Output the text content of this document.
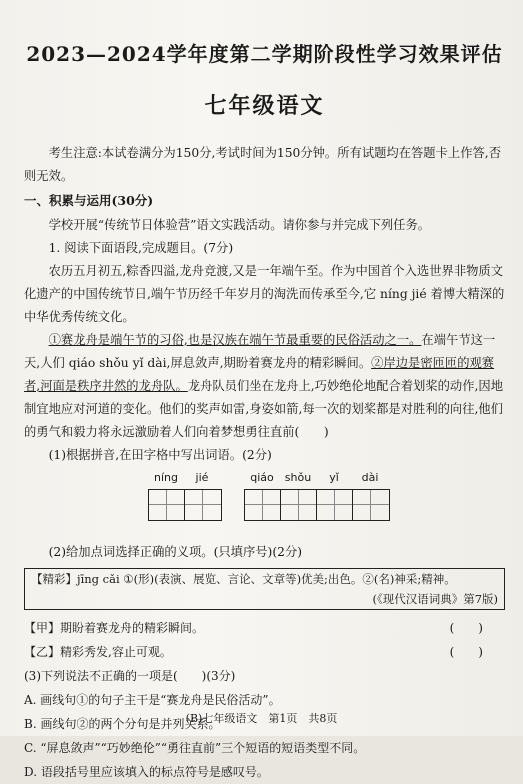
2023—2024学年度第二学期阶段性学习效果评估
七年级语文

考生注意:本试卷满分为150分,考试时间为150分钟。所有试题均在答题卡上作答,否则无效。

一、积累与运用(30分)

学校开展“传统节日体验营”语文实践活动。请你参与并完成下列任务。

1. 阅读下面语段,完成题目。(7分)

农历五月初五,粽香四溢,龙舟竞渡,又是一年端午至。作为中国首个入选世界非物质文化遗产的中国传统节日,端午节历经千年岁月的淘洗而传承至今,它 níng jié 着博大精深的中华优秀传统文化。

①赛龙舟是端午节的习俗,也是汉族在端午节最重要的民俗活动之一。在端午节这一天,人们 qiáo shǒu yǐ dài,屏息敛声,期盼着赛龙舟的精彩瞬间。②岸边是密匝匝的观赛者,河面是秩序井然的龙舟队。龙舟队员们坐在龙舟上,巧妙绝伦地配合着划桨的动作,因地制宜地应对河道的变化。他们的奖声如雷,身姿如箭,每一次的划桨都是对胜利的向往,他们的勇气和毅力将永远激励着人们向着梦想勇往直前(　　)

(1)根据拼音,在田字格中写出词语。(2分)

níng	jié	qiáo	shǒu	yǐ	dài

(2)给加点词选择正确的义项。(只填序号)(2分)

【精彩】jīng cǎi ①(形)(表演、展览、言论、文章等)优美;出色。②(名)神采;精神。
(《现代汉语词典》第7版)
【甲】期盼着赛龙舟的精彩瞬间。	(　　)
【乙】精彩秀发,容止可观。	(　　)
(3)下列说法不正确的一项是(　　)(3分)
A. 画线句①的句子主干是“赛龙舟是民俗活动”。
B. 画线句②的两个分句是并列关系。
C. “屏息敛声”“巧妙绝伦”“勇往直前”三个短语的短语类型不同。
D. 语段括号里应该填入的标点符号是感叹号。
(B)七年级语文　第1页　共8页
